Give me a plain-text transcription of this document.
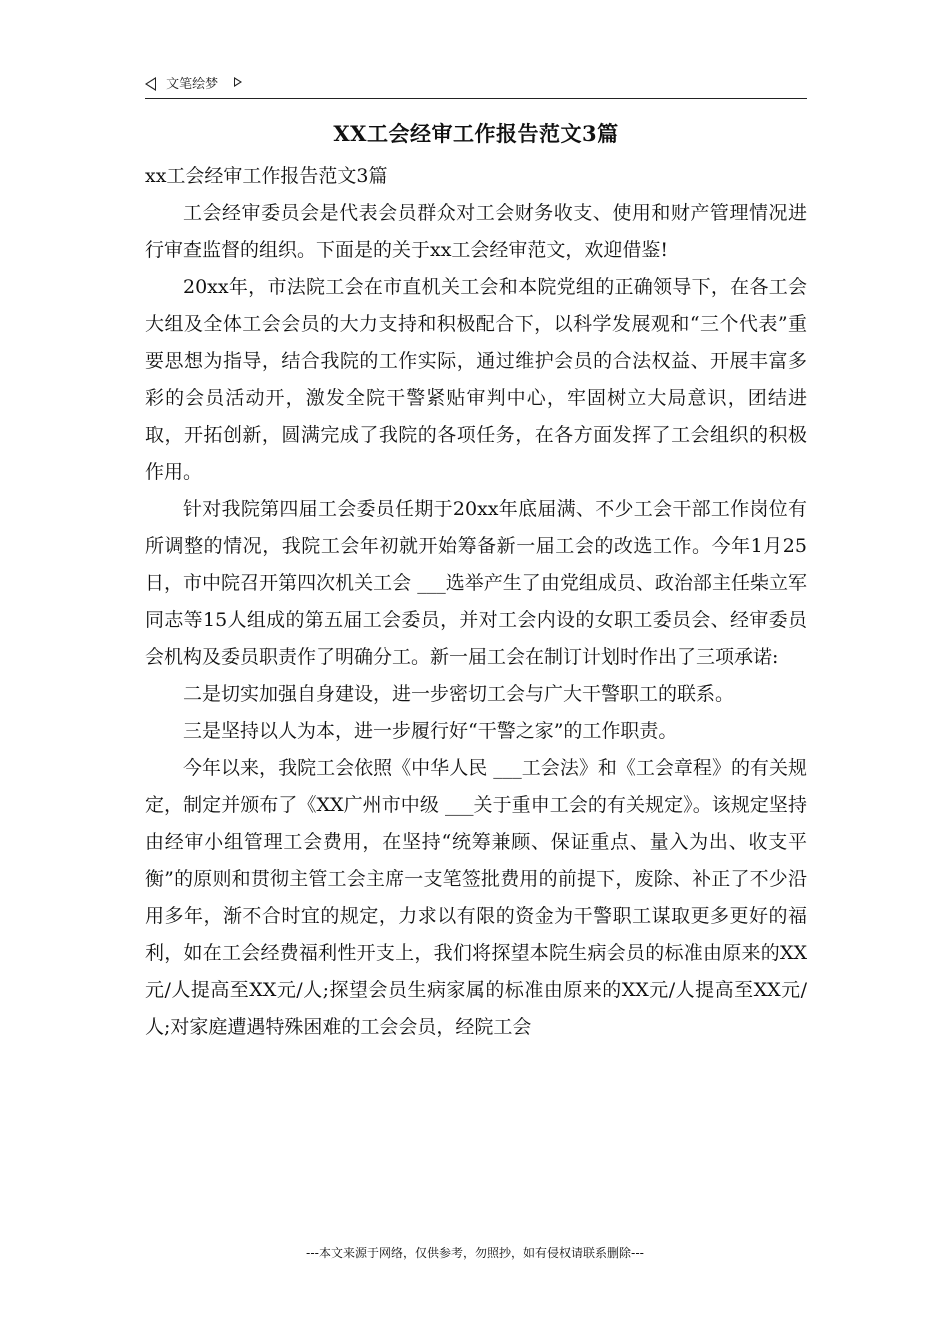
文笔绘梦
XX工会经审工作报告范文3篇

xx工会经审工作报告范文3篇

工会经审委员会是代表会员群众对工会财务收支、使用和财产管理情况进行审查监督的组织。下面是的关于xx工会经审范文，欢迎借鉴!

20xx年，市法院工会在市直机关工会和本院党组的正确领导下，在各工会大组及全体工会会员的大力支持和积极配合下，以科学发展观和“三个代表”重要思想为指导，结合我院的工作实际，通过维护会员的合法权益、开展丰富多彩的会员活动开，激发全院干警紧贴审判中心，牢固树立大局意识，团结进取，开拓创新，圆满完成了我院的各项任务，在各方面发挥了工会组织的积极作用。

针对我院第四届工会委员任期于20xx年底届满、不少工会干部工作岗位有所调整的情况，我院工会年初就开始筹备新一届工会的改选工作。今年1月25日，市中院召开第四次机关工会 ___选举产生了由党组成员、政治部主任柴立军同志等15人组成的第五届工会委员，并对工会内设的女职工委员会、经审委员会机构及委员职责作了明确分工。新一届工会在制订计划时作出了三项承诺:

二是切实加强自身建设，进一步密切工会与广大干警职工的联系。

三是坚持以人为本，进一步履行好“干警之家”的工作职责。

今年以来，我院工会依照《中华人民 ___工会法》和《工会章程》的有关规定，制定并颁布了《XX广州市中级 ___关于重申工会的有关规定》。该规定坚持由经审小组管理工会费用，在坚持“统筹兼顾、保证重点、量入为出、收支平衡”的原则和贯彻主管工会主席一支笔签批费用的前提下，废除、补正了不少沿用多年，渐不合时宜的规定，力求以有限的资金为干警职工谋取更多更好的福利，如在工会经费福利性开支上，我们将探望本院生病会员的标准由原来的XX元/人提高至XX元/人;探望会员生病家属的标准由原来的XX元/人提高至XX元/人;对家庭遭遇特殊困难的工会会员，经院工会

---本文来源于网络，仅供参考，勿照抄，如有侵权请联系删除---
